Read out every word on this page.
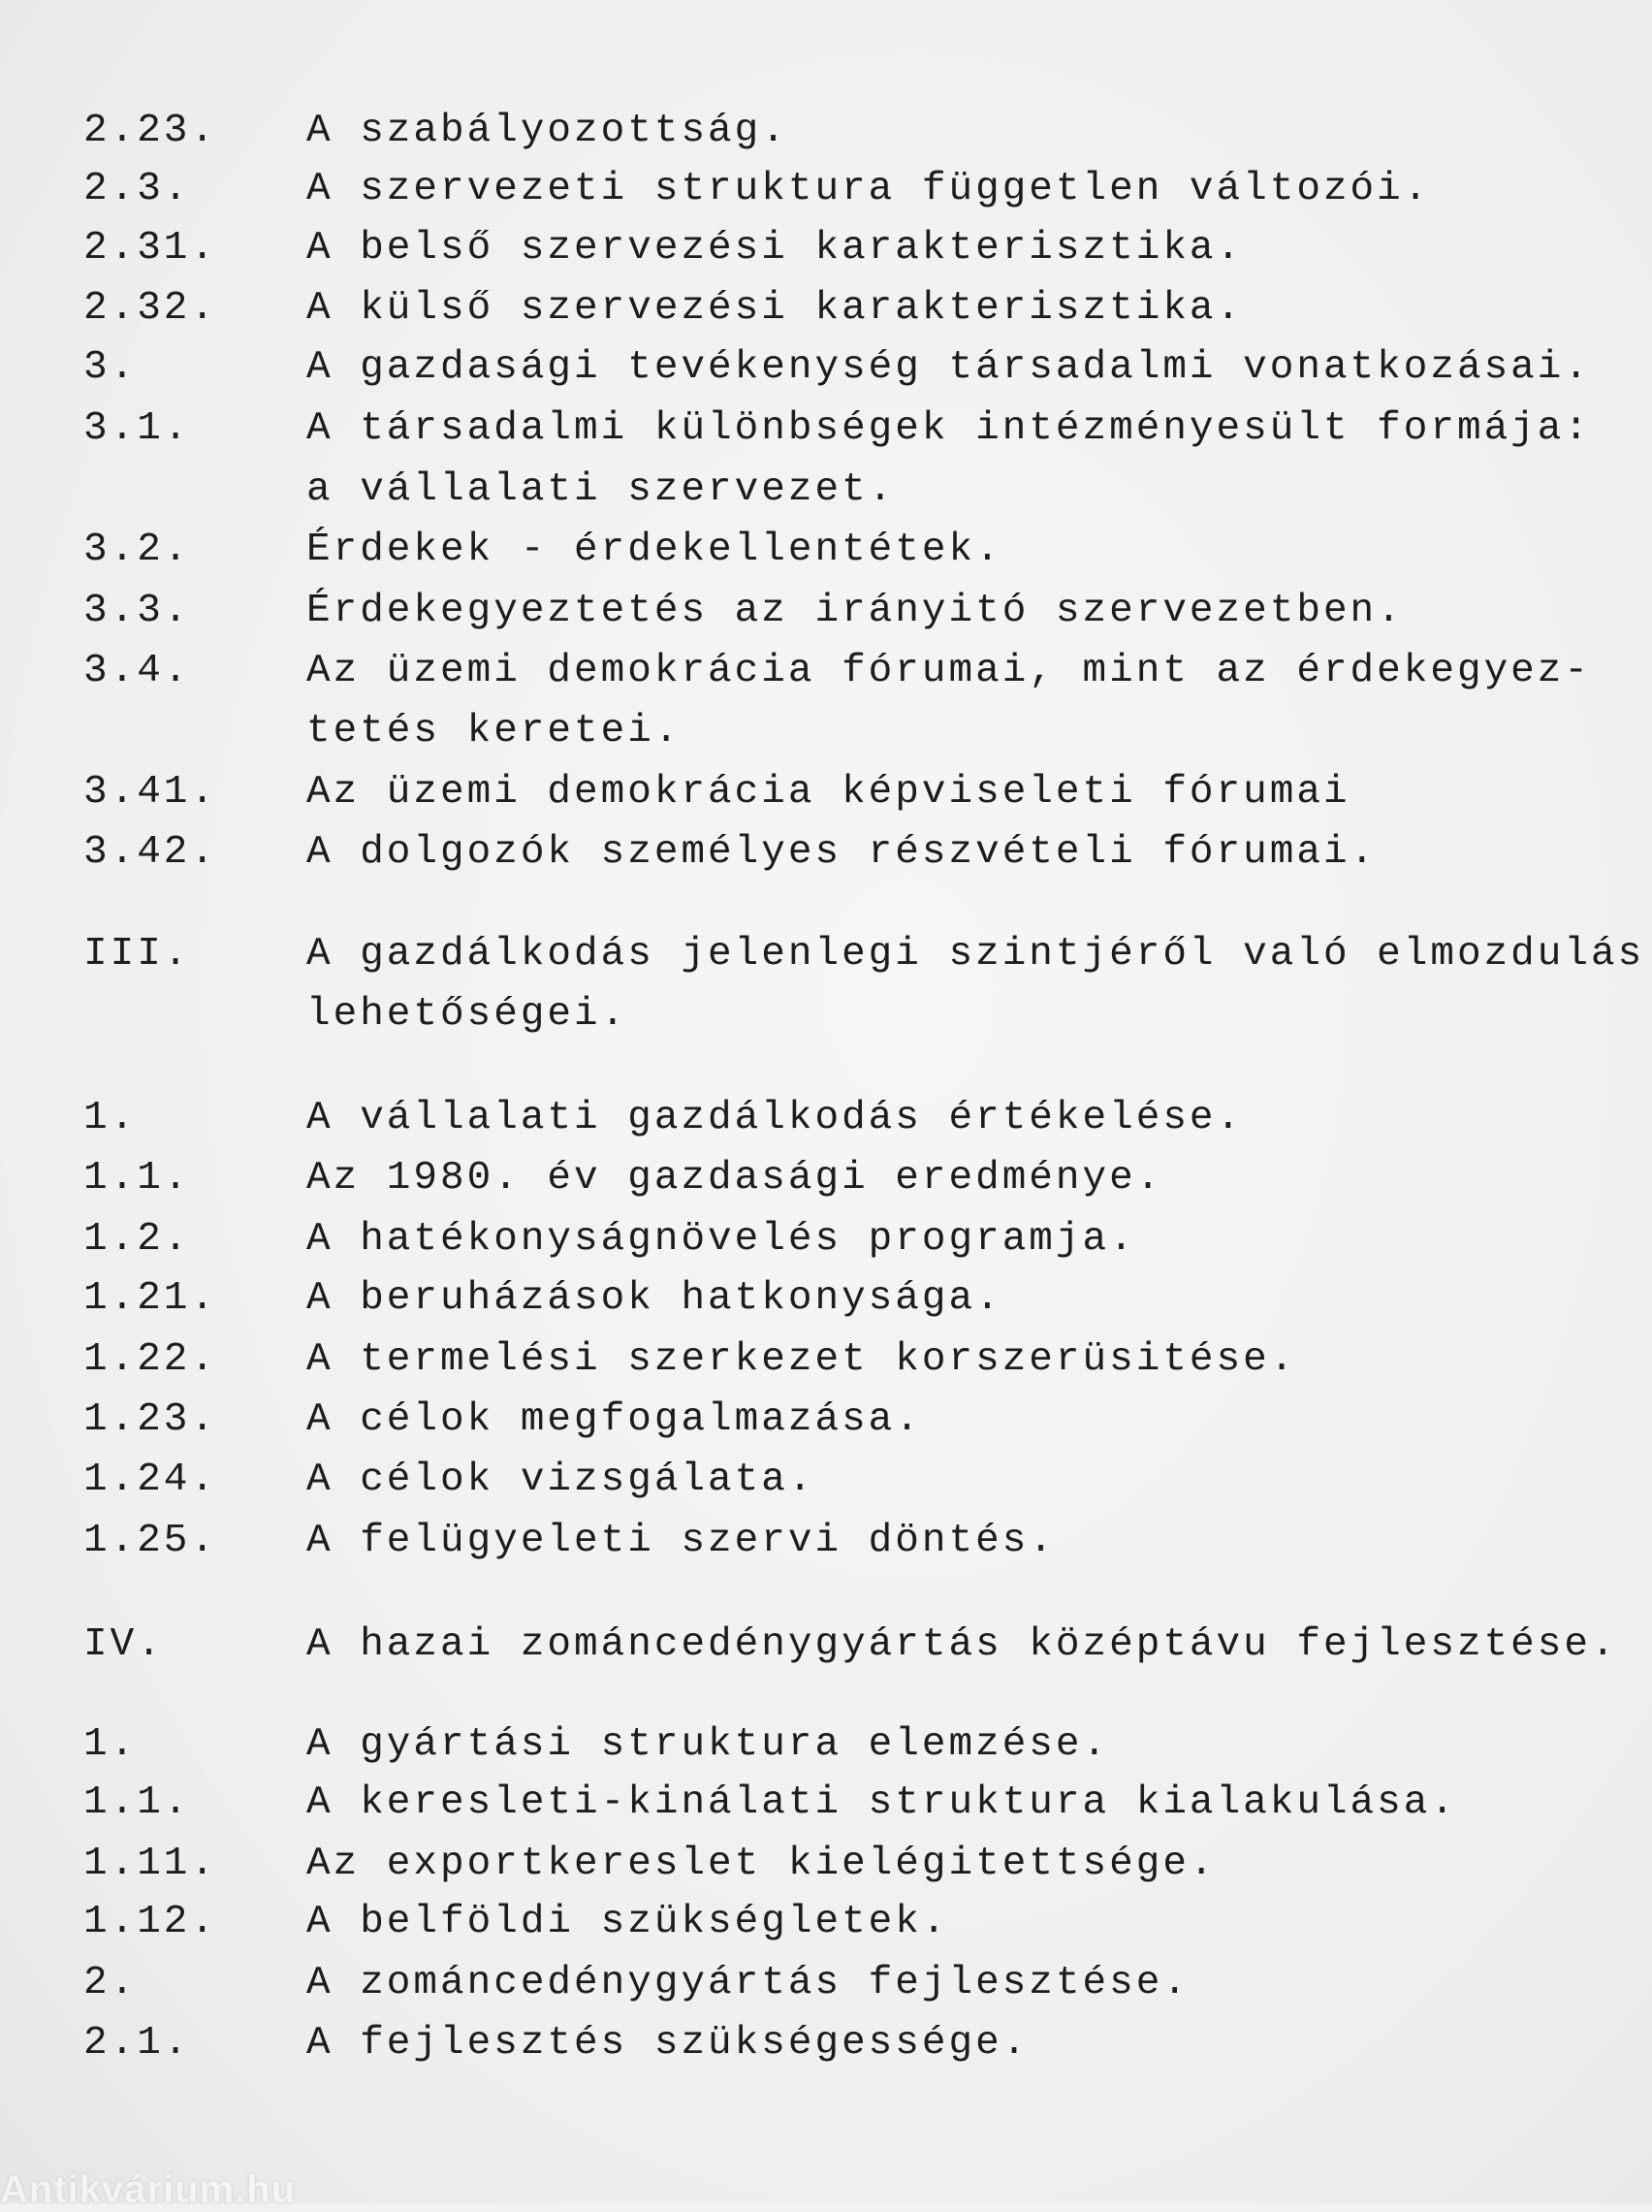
2.23. A szabályozottság.
2.3.	A szervezeti struktura független változói.
2.31. A belső szervezési karakterisztika.
2.32. A külső szervezési karakterisztika.
3.	A gazdasági tevékenység társadalmi vonatkozásai.
3.1.	A társadalmi különbségek intézményesült formája:
a vállalati szervezet.
3.2.	Érdekek - érdekellentétek.
3.3.	Érdekegyeztetés az irányitó szervezetben.
3.4.	Az üzemi demokrácia fórumai, mint az érdekegyez-
tetés keretei.
3.41. Az üzemi demokrácia képviseleti fórumai
3.42. A dolgozók személyes részvételi fórumai.
III.	A gazdálkodás jelenlegi szintjéről való elmozdulás
lehetőségei.
1.	A vállalati gazdálkodás értékelése.
1.1.	Az 1980. év gazdasági eredménye.
1.2.	A hatékonyságnövelés programja.
1.21. A beruházások hatkonysága.
1.22. A termelési szerkezet korszerüsitése.
1.23. A célok megfogalmazása.
1.24. A célok vizsgálata.
1.25. A felügyeleti szervi döntés.
IV.	A hazai zománcedénygyártás középtávu fejlesztése.
1.	A gyártási struktura elemzése.
1.1.	A keresleti-kinálati struktura kialakulása.
1.11. Az exportkereslet kielégitettsége.
1.12. A belföldi szükségletek.
2.	A zománcedénygyártás fejlesztése.
2.1.	A fejlesztés szükségessége.
Antikvárium.hu
